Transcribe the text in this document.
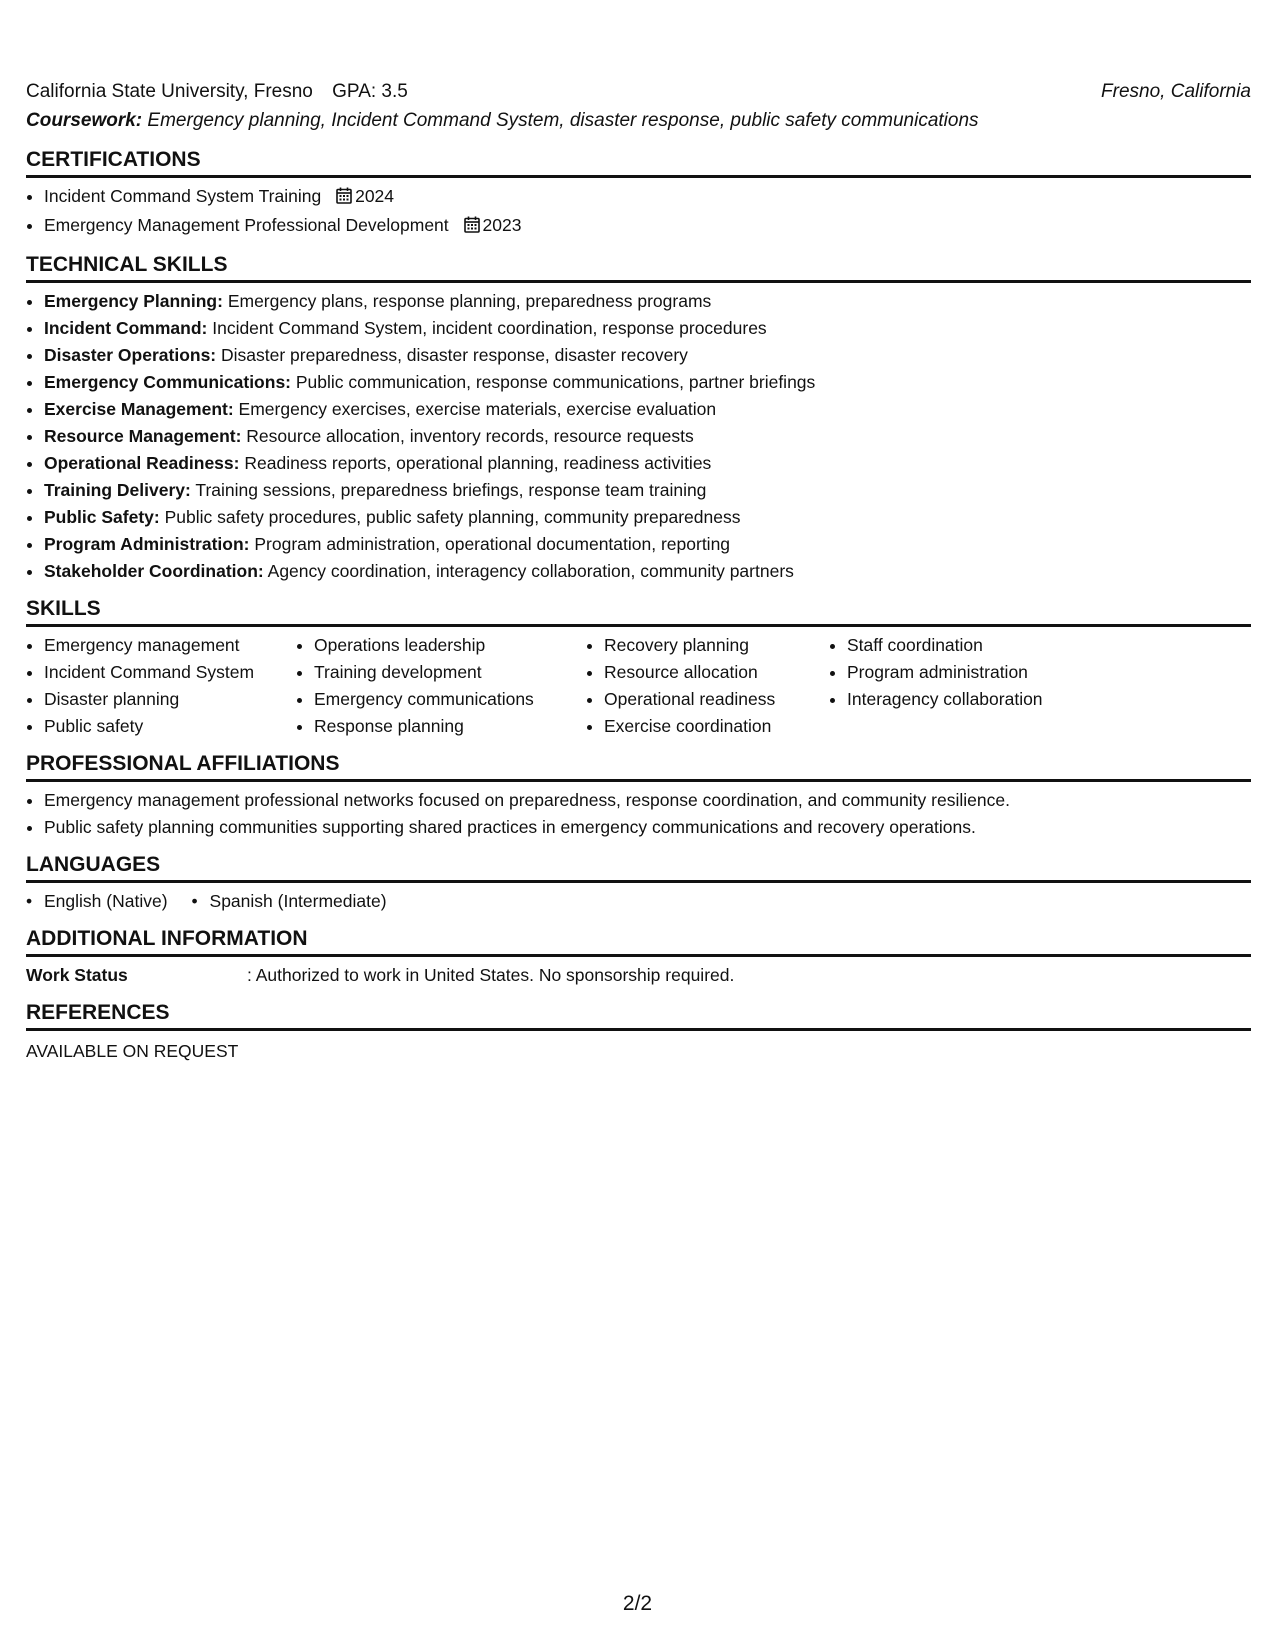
California State University, Fresno GPA: 3.5	Fresno, California
Coursework: Emergency planning, Incident Command System, disaster response, public safety communications
CERTIFICATIONS
• Incident Command System Training 2024
• Emergency Management Professional Development 2023
TECHNICAL SKILLS
• Emergency Planning: Emergency plans, response planning, preparedness programs
• Incident Command: Incident Command System, incident coordination, response procedures
• Disaster Operations: Disaster preparedness, disaster response, disaster recovery
• Emergency Communications: Public communication, response communications, partner briefings
• Exercise Management: Emergency exercises, exercise materials, exercise evaluation
• Resource Management: Resource allocation, inventory records, resource requests
• Operational Readiness: Readiness reports, operational planning, readiness activities
• Training Delivery: Training sessions, preparedness briefings, response team training
• Public Safety: Public safety procedures, public safety planning, community preparedness
• Program Administration: Program administration, operational documentation, reporting
• Stakeholder Coordination: Agency coordination, interagency collaboration, community partners
SKILLS
• Emergency management
• Incident Command System
• Disaster planning
• Public safety
• Operations leadership
• Training development
• Emergency communications
• Response planning
• Recovery planning
• Resource allocation
• Operational readiness
• Exercise coordination
• Staff coordination
• Program administration
• Interagency collaboration
PROFESSIONAL AFFILIATIONS
• Emergency management professional networks focused on preparedness, response coordination, and community resilience.
• Public safety planning communities supporting shared practices in emergency communications and recovery operations.
LANGUAGES
• English (Native)
•	Spanish (Intermediate)
ADDITIONAL INFORMATION
Work Status	: Authorized to work in United States. No sponsorship required.
REFERENCES
AVAILABLE ON REQUEST
2/2
